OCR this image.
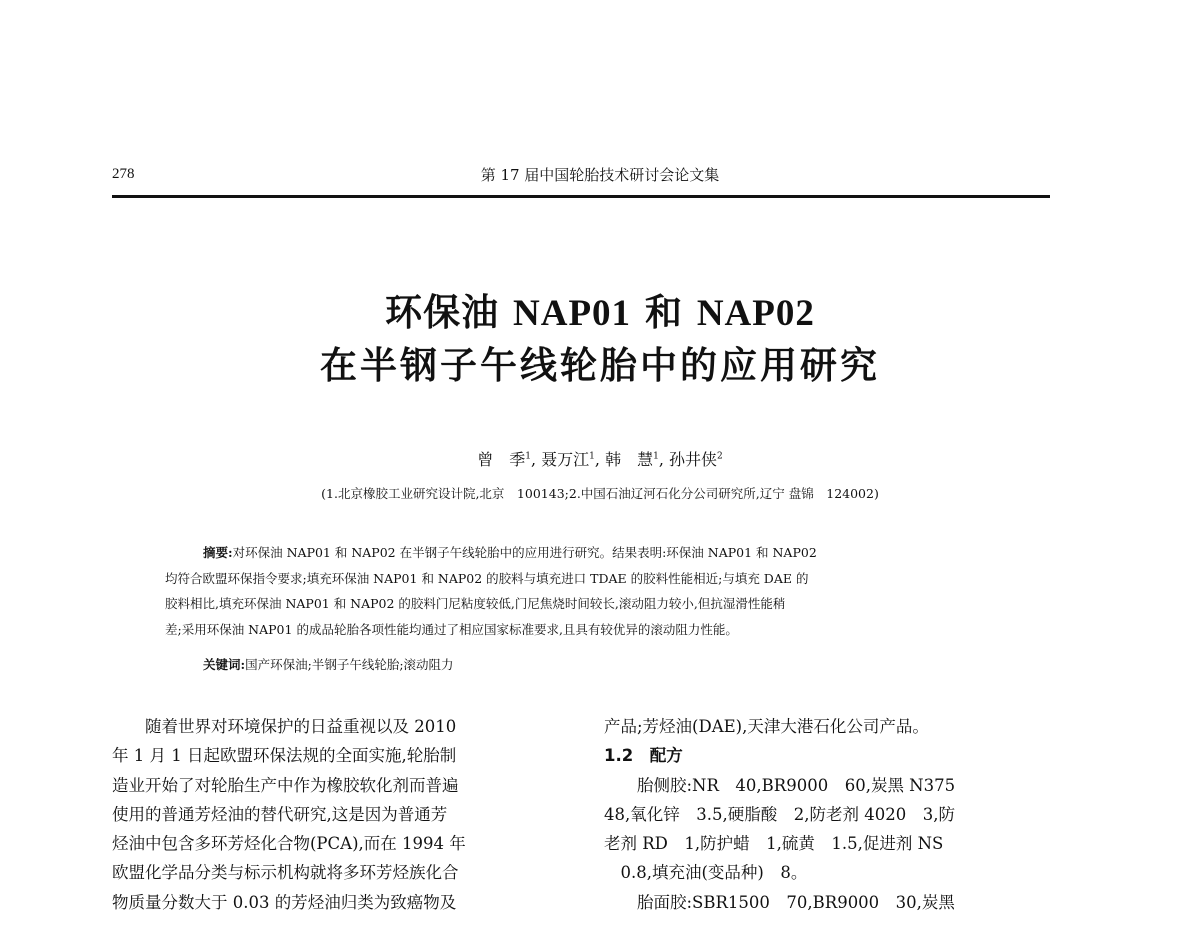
278	第 17 届中国轮胎技术研讨会论文集
环保油 NAP01 和 NAP02
在半钢子午线轮胎中的应用研究
曾　季$^1$, 聂万江$^1$, 韩　慧$^1$, 孙井侠$^2$
(1.北京橡胶工业研究设计院,北京　100143;2.中国石油辽河石化分公司研究所,辽宁 盘锦　124002)
摘要:对环保油 NAP01 和 NAP02 在半钢子午线轮胎中的应用进行研究。结果表明:环保油 NAP01 和 NAP02
均符合欧盟环保指令要求;填充环保油 NAP01 和 NAP02 的胶料与填充进口 TDAE 的胶料性能相近;与填充 DAE 的
胶料相比,填充环保油 NAP01 和 NAP02 的胶料门尼粘度较低,门尼焦烧时间较长,滚动阻力较小,但抗湿滑性能稍
差;采用环保油 NAP01 的成品轮胎各项性能均通过了相应国家标准要求,且具有较优异的滚动阻力性能。
关键词:国产环保油;半钢子午线轮胎;滚动阻力
随着世界对环境保护的日益重视以及 2010
年 1 月 1 日起欧盟环保法规的全面实施,轮胎制
造业开始了对轮胎生产中作为橡胶软化剂而普遍
使用的普通芳烃油的替代研究,这是因为普通芳
烃油中包含多环芳烃化合物(PCA),而在 1994 年
欧盟化学品分类与标示机构就将多环芳烃族化合
物质量分数大于 0.03 的芳烃油归类为致癌物及
产品;芳烃油(DAE),天津大港石化公司产品。
1.2　配方
胎侧胶:NR　40,BR9000　60,炭黑 N375
48,氧化锌　3.5,硬脂酸　2,防老剂 4020　3,防
老剂 RD　1,防护蜡　1,硫黄　1.5,促进剂 NS
　0.8,填充油(变品种)　8。
胎面胶:SBR1500　70,BR9000　30,炭黑
